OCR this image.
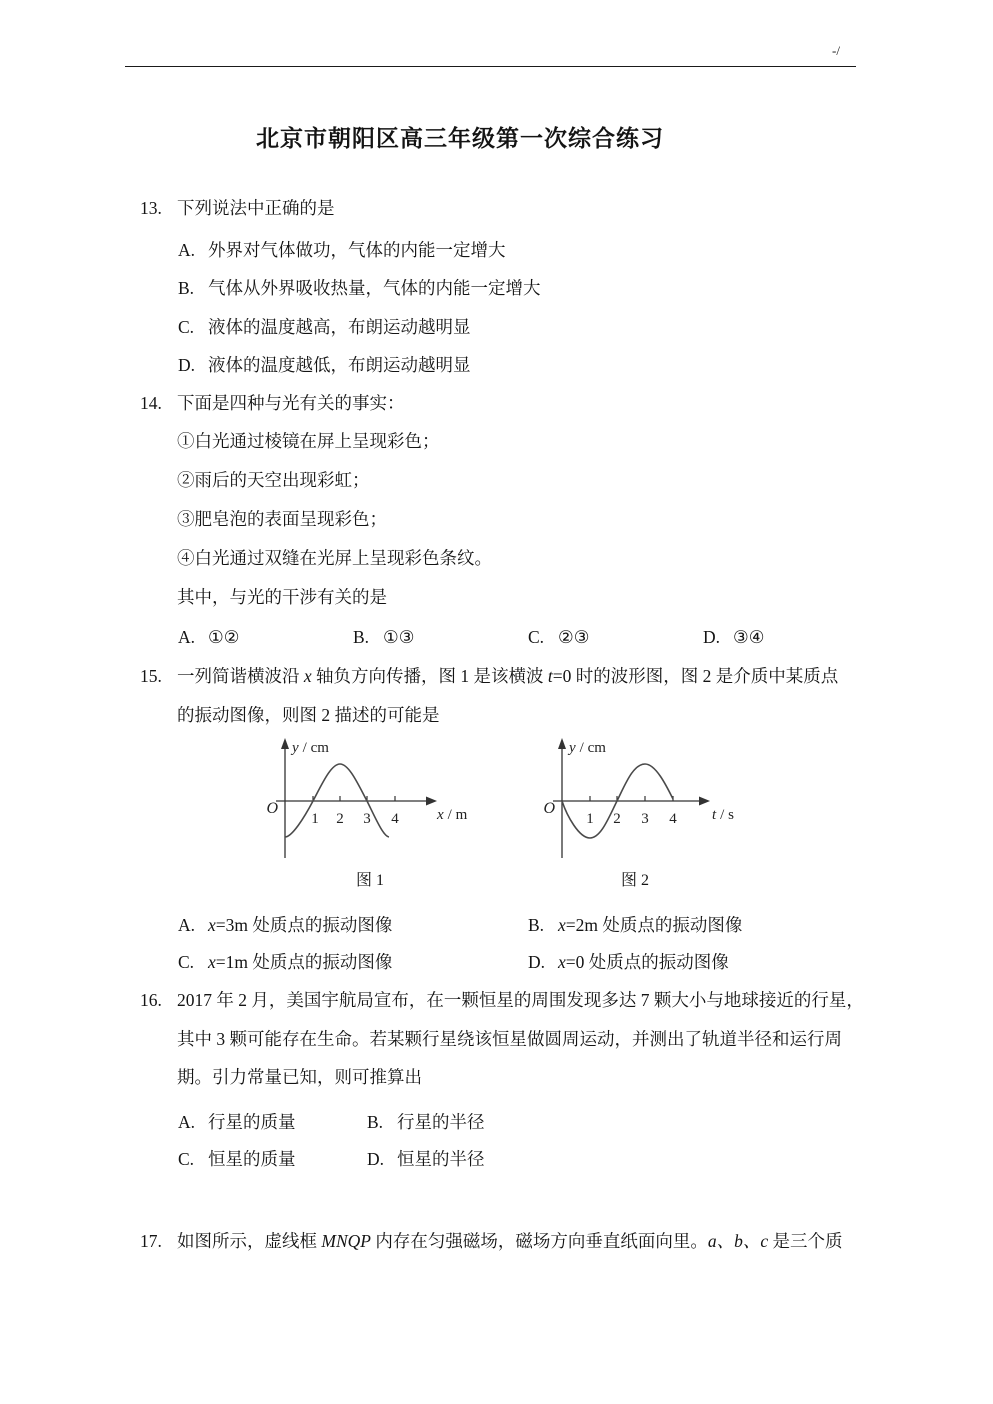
-/
北京市朝阳区高三年级第一次综合练习
13. 下列说法中正确的是
A. 外界对气体做功，气体的内能一定增大
B. 气体从外界吸收热量，气体的内能一定增大
C. 液体的温度越高，布朗运动越明显
D. 液体的温度越低，布朗运动越明显
14. 下面是四种与光有关的事实：
①白光通过棱镜在屏上呈现彩色；
②雨后的天空出现彩虹；
③肥皂泡的表面呈现彩色；
④白光通过双缝在光屏上呈现彩色条纹。
其中，与光的干涉有关的是
A. ①②	B. ①③	C. ②③	D. ③④
15. 一列简谐横波沿 x 轴负方向传播，图 1 是该横波 t=0 时的波形图，图 2 是介质中某质点
的振动图像，则图 2 描述的可能是
y / cm
O
1 2 3 4	x / m
图 1
y / cm
O
1 2 3 4 t / s
图 2
A. x=3m 处质点的振动图像	B. x=2m 处质点的振动图像
C. x=1m 处质点的振动图像	D. x=0 处质点的振动图像
16. 2017 年 2 月，美国宇航局宣布，在一颗恒星的周围发现多达 7 颗大小与地球接近的行星，
其中 3 颗可能存在生命。若某颗行星绕该恒星做圆周运动，并测出了轨道半径和运行周
期。引力常量已知，则可推算出
A. 行星的质量	B. 行星的半径
C. 恒星的质量	D. 恒星的半径
17. 如图所示，虚线框 MNQP 内存在匀强磁场，磁场方向垂直纸面向里。a、b、c 是三个质
